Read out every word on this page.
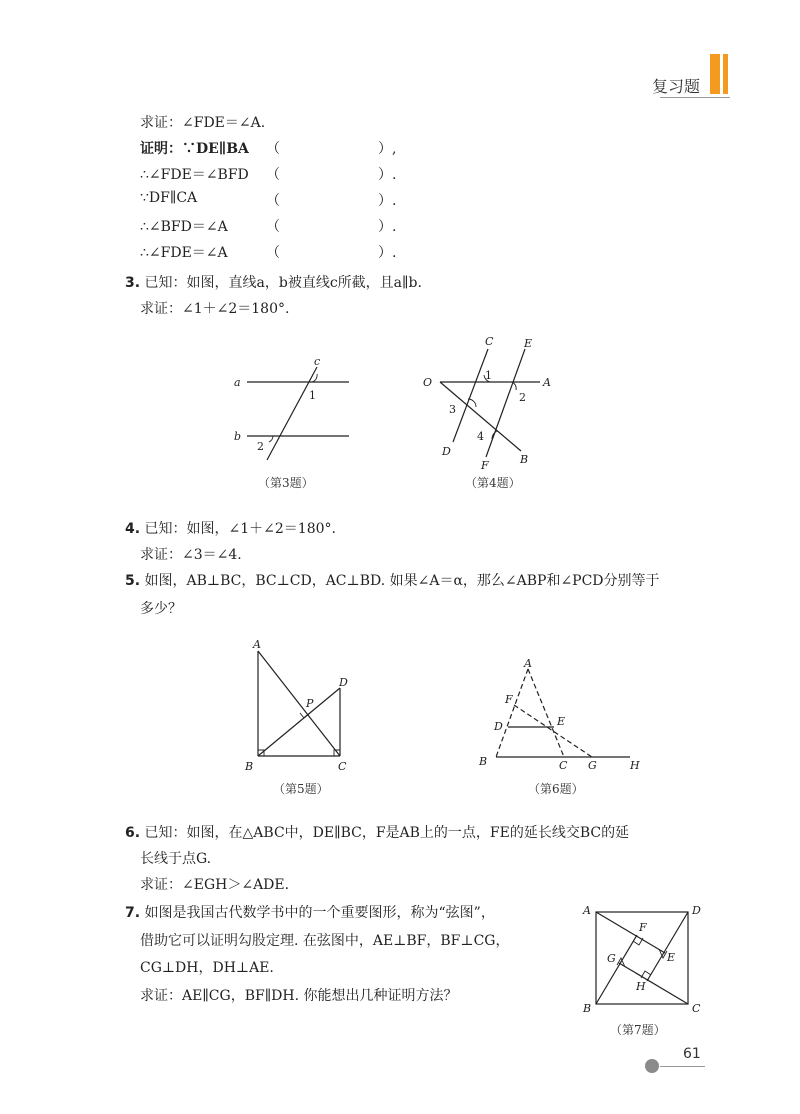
复习题
求证：∠FDE＝∠A.
证明：∵DE∥BA （　　　　　　　）,
∴∠FDE＝∠BFD （　　　　　　　）.
∵DF∥CA	（　　　　　　　）.
∴∠BFD＝∠A	（　　　　　　　）.
∴∠FDE＝∠A	（　　　　　　　）.
3. 已知：如图，直线a，b被直线c所截，且a∥b.
求证：∠1＋∠2＝180°.
a
b
c
1
2
（第3题）
C	E
O	A
D
F	B
1
2
3
4
（第4题）
4. 已知：如图，∠1＋∠2＝180°.
求证：∠3＝∠4.
5. 如图，AB⊥BC，BC⊥CD，AC⊥BD. 如果∠A＝α，那么∠ABP和∠PCD分别等于
多少？
A
B	C
D
P
（第5题）
A
B	C
D	E
F
G	H
（第6题）
6. 已知：如图，在△ABC中，DE∥BC，F是AB上的一点，FE的延长线交BC的延
长线于点G.
求证：∠EGH＞∠ADE.
7. 如图是我国古代数学书中的一个重要图形，称为“弦图”，
借助它可以证明勾股定理. 在弦图中，AE⊥BF，BF⊥CG，
CG⊥DH，DH⊥AE.
求证：AE∥CG，BF∥DH. 你能想出几种证明方法？
A
B	C
D
E
F
G
H
（第7题）
61
